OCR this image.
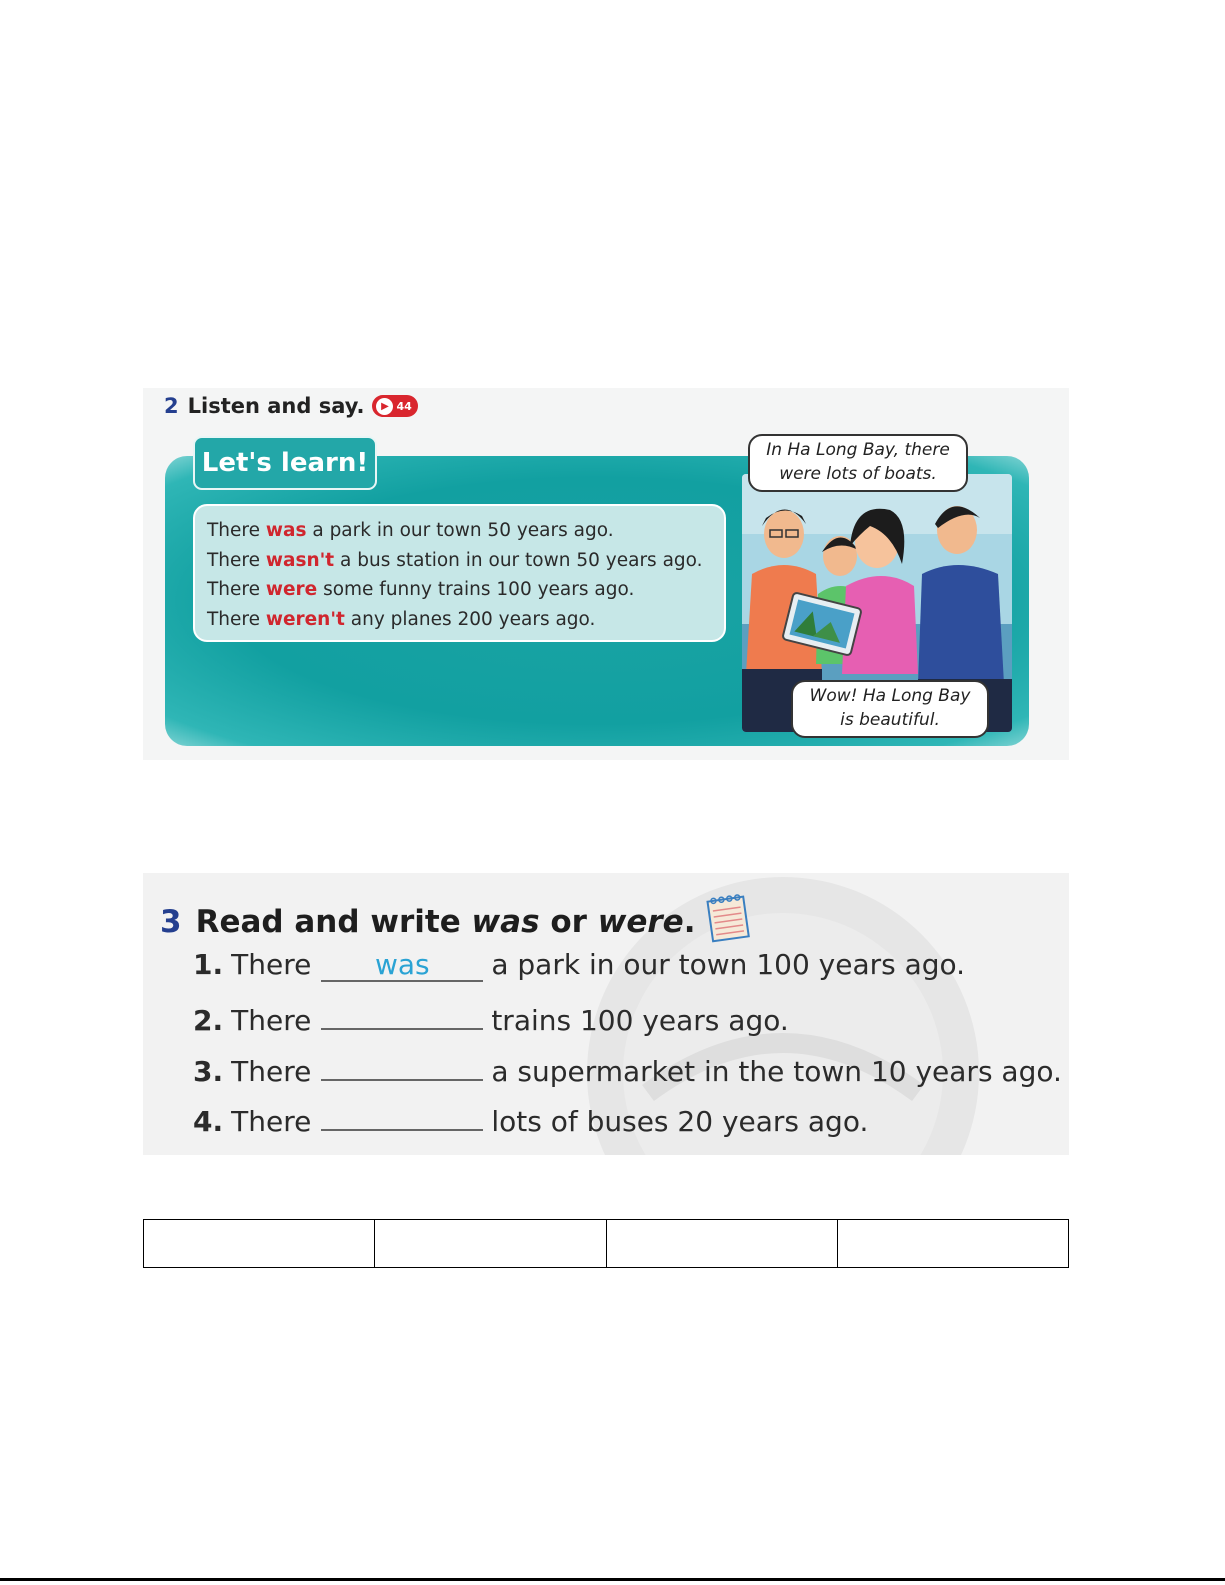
2 Listen and say.	▶ 44
Let's learn!
There was a park in our town 50 years ago.
There wasn't a bus station in our town 50 years ago.
There were some funny trains 100 years ago.
There weren't any planes 200 years ago.
In Ha Long Bay, there
were lots of boats.
Wow! Ha Long Bay
is beautiful.
3 Read and write was or were .
1. There	was	a park in our town 100 years ago.
2. There	trains 100 years ago.
3. There	a supermarket in the town 10 years ago.
4. There	lots of buses 20 years ago.
